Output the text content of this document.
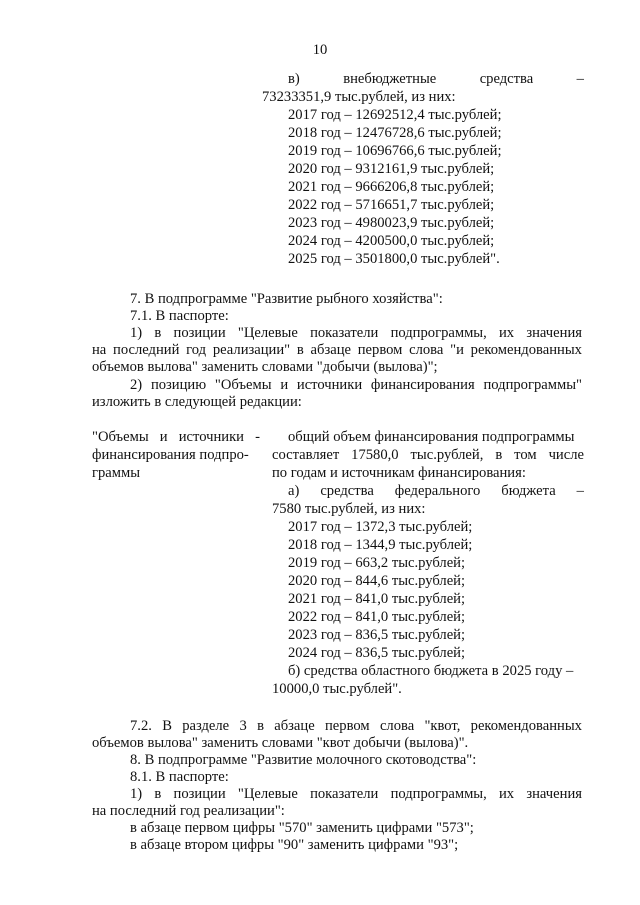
10
в)	внебюджетные	средства	–
73233351,9 тыс.рублей, из них:
2017 год – 12692512,4 тыс.рублей;
2018 год – 12476728,6 тыс.рублей;
2019 год – 10696766,6 тыс.рублей;
2020 год – 9312161,9 тыс.рублей;
2021 год – 9666206,8 тыс.рублей;
2022 год – 5716651,7 тыс.рублей;
2023 год – 4980023,9 тыс.рублей;
2024 год – 4200500,0 тыс.рублей;
2025 год – 3501800,0 тыс.рублей".
7. В подпрограмме "Развитие рыбного хозяйства":
7.1. В паспорте:
1) в позиции "Целевые показатели подпрограммы, их значения
на последний год реализации" в абзаце первом слова "и рекомендованных
объемов вылова" заменить словами "добычи (вылова)";
2) позицию "Объемы и источники финансирования подпрограммы"
изложить в следующей редакции:
"Объемы и источники -
финансирования подпро-
граммы
общий объем финансирования подпрограммы
составляет 17580,0 тыс.рублей, в том числе
по годам и источникам финансирования:
а) средства федерального бюджета –
7580 тыс.рублей, из них:
2017 год – 1372,3 тыс.рублей;
2018 год – 1344,9 тыс.рублей;
2019 год – 663,2 тыс.рублей;
2020 год – 844,6 тыс.рублей;
2021 год – 841,0 тыс.рублей;
2022 год – 841,0 тыс.рублей;
2023 год – 836,5 тыс.рублей;
2024 год – 836,5 тыс.рублей;
б) средства областного бюджета в 2025 году –
10000,0 тыс.рублей".
7.2. В разделе 3 в абзаце первом слова "квот, рекомендованных
объемов вылова" заменить словами "квот добычи (вылова)".
8. В подпрограмме "Развитие молочного скотоводства":
8.1. В паспорте:
1) в позиции "Целевые показатели подпрограммы, их значения
на последний год реализации":
в абзаце первом цифры "570" заменить цифрами "573";
в абзаце втором цифры "90" заменить цифрами "93";
